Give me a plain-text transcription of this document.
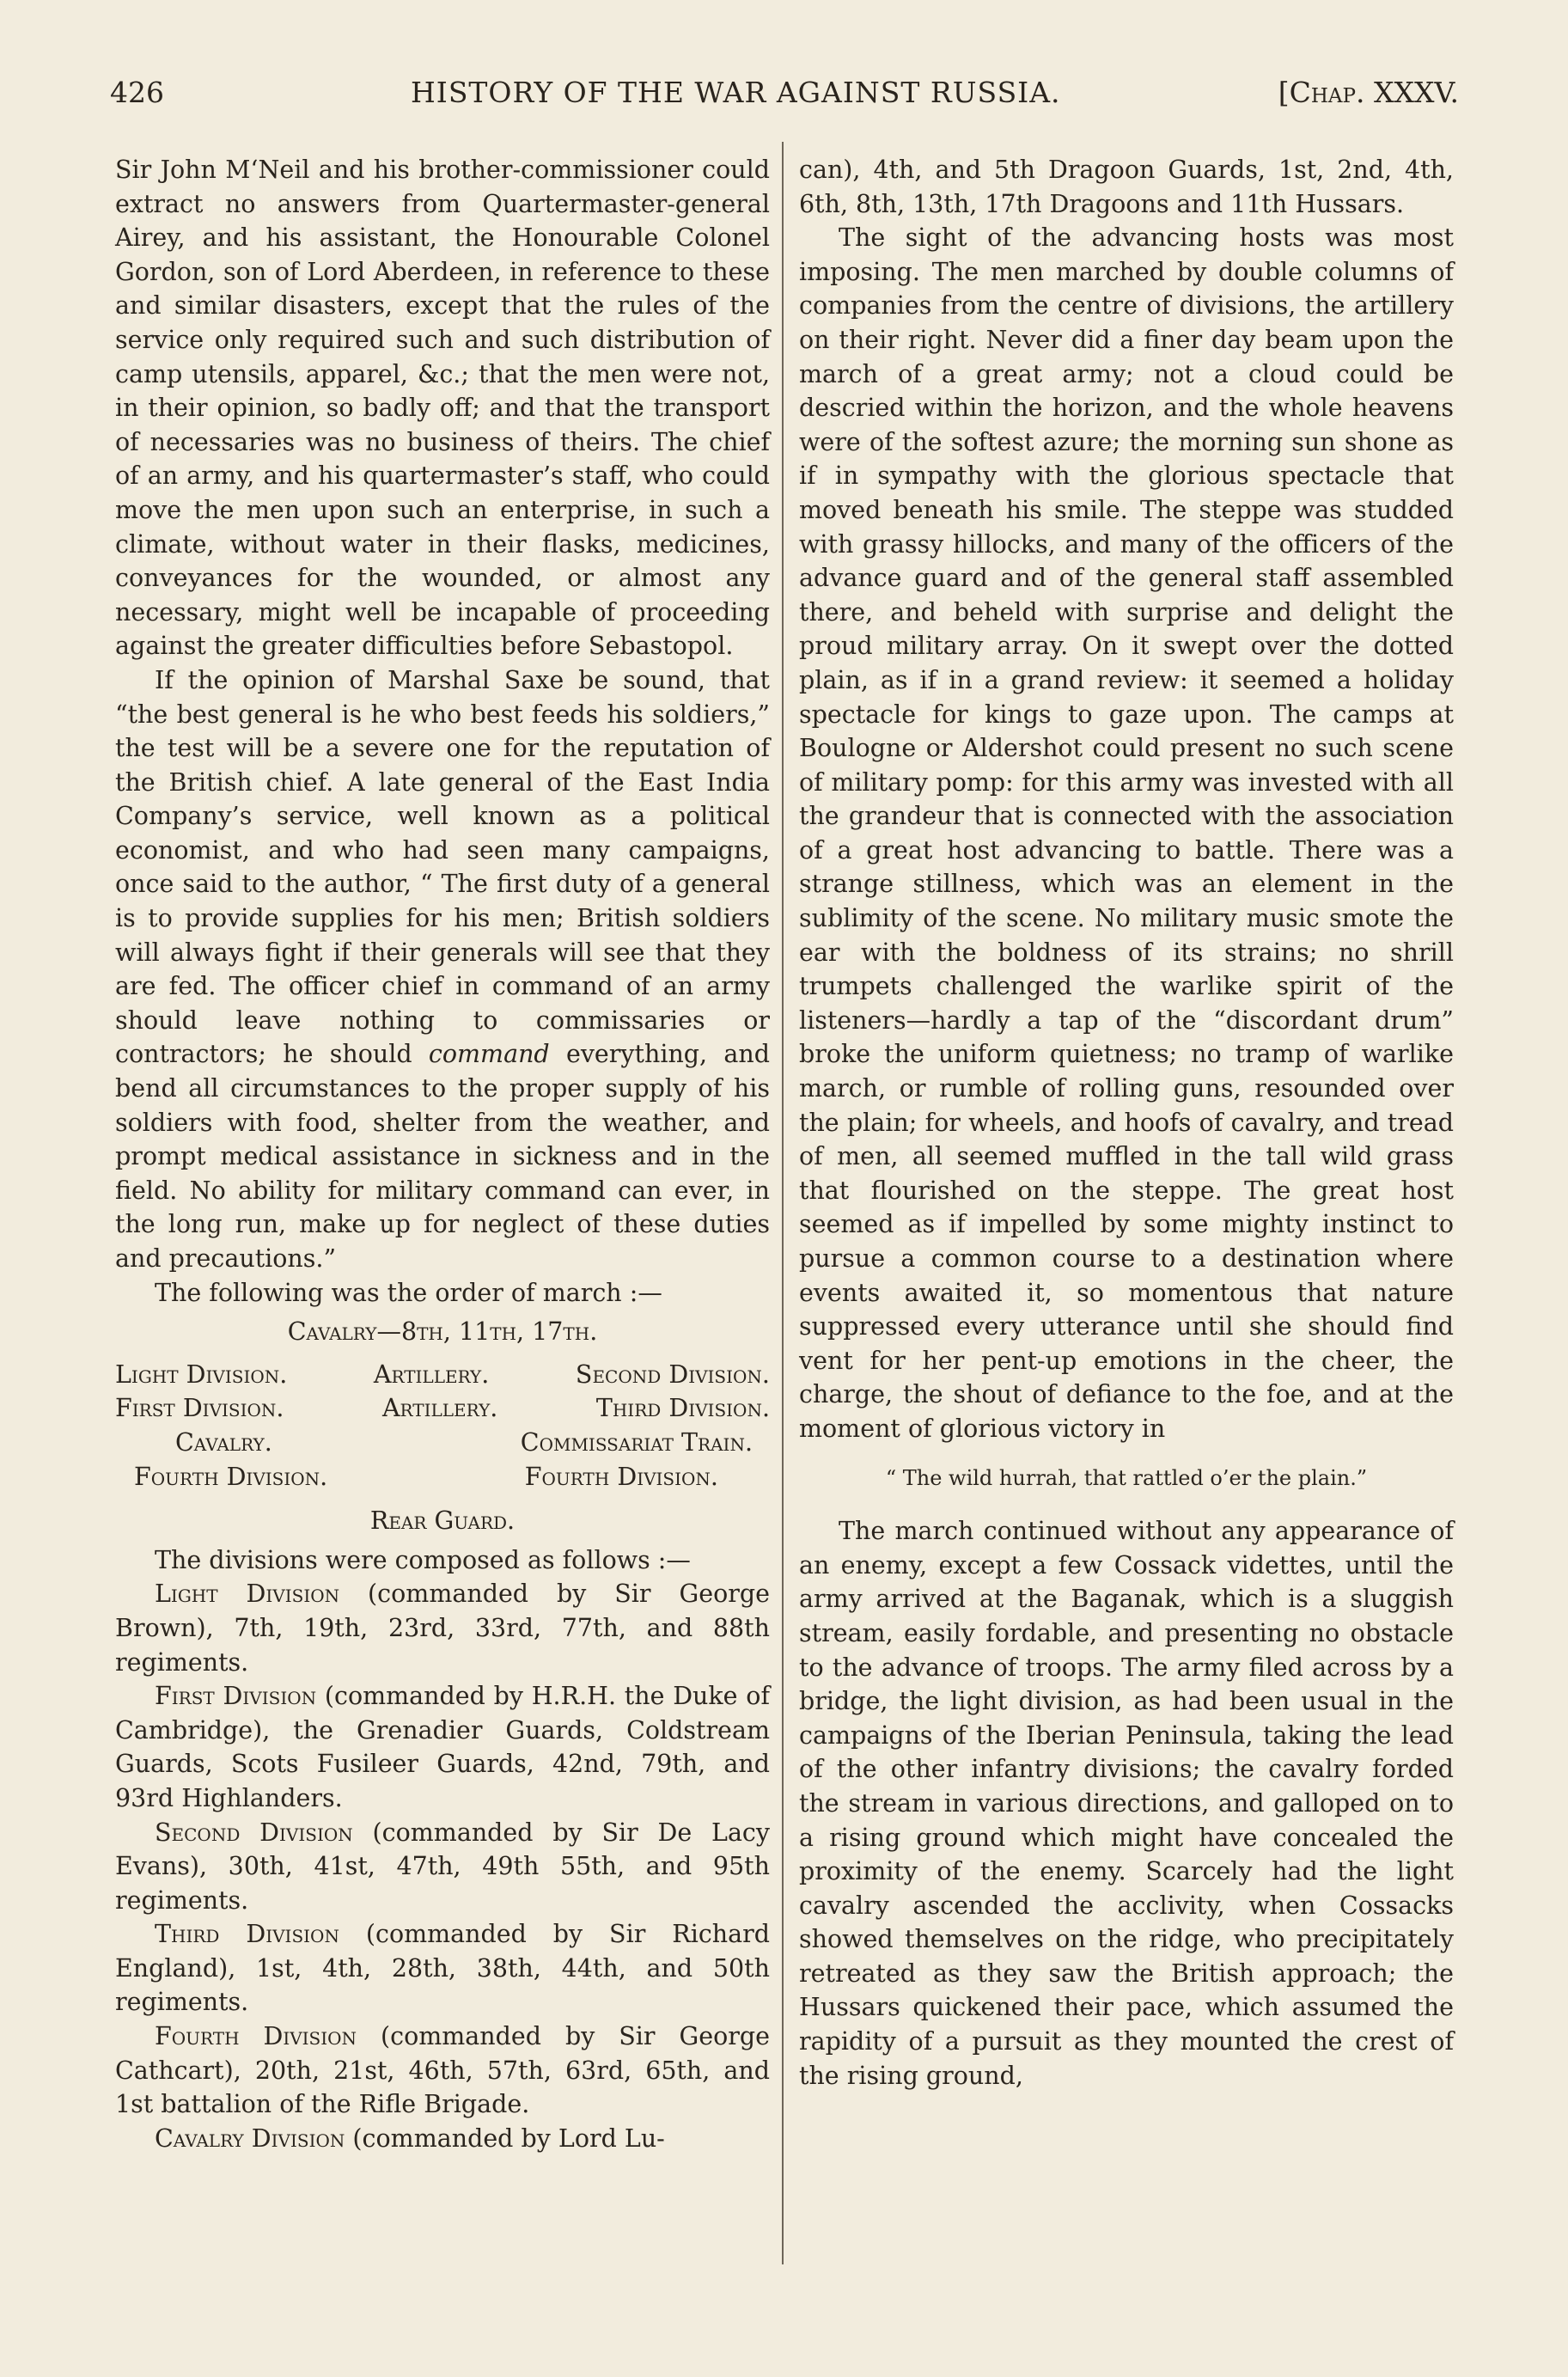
426	HISTORY OF THE WAR AGAINST RUSSIA.	[Chap. XXXV.

Sir John M‘Neil and his brother-commissioner could extract no answers from Quartermaster-general Airey, and his assistant, the Honourable Colonel Gordon, son of Lord Aberdeen, in reference to these and similar disasters, except that the rules of the service only required such and such distribution of camp utensils, apparel, &c.; that the men were not, in their opinion, so badly off; and that the transport of necessaries was no business of theirs. The chief of an army, and his quartermaster’s staff, who could move the men upon such an enterprise, in such a climate, without water in their flasks, medicines, conveyances for the wounded, or almost any necessary, might well be incapable of proceeding against the greater difficulties before Sebastopol.

If the opinion of Marshal Saxe be sound, that “the best general is he who best feeds his soldiers,” the test will be a severe one for the reputation of the British chief. A late general of the East India Company’s service, well known as a political economist, and who had seen many campaigns, once said to the author, “ The first duty of a general is to provide supplies for his men; British soldiers will always fight if their generals will see that they are fed. The officer chief in command of an army should leave nothing to commissaries or contractors; he should command everything, and bend all circumstances to the proper supply of his soldiers with food, shelter from the weather, and prompt medical assistance in sickness and in the field. No ability for military command can ever, in the long run, make up for neglect of these duties and precautions.”

The following was the order of march :—

Cavalry—8th, 11th, 17th.
Light Division.	Artillery.	Second Division.
First Division.	Artillery.	Third Division.
Cavalry.	Commissariat Train.
Fourth Division.	Fourth Division.
Rear Guard.

The divisions were composed as follows :—

Light Division (commanded by Sir George Brown), 7th, 19th, 23rd, 33rd, 77th, and 88th regiments.

First Division (commanded by H.R.H. the Duke of Cambridge), the Grenadier Guards, Coldstream Guards, Scots Fusileer Guards, 42nd, 79th, and 93rd Highlanders.

Second Division (commanded by Sir De Lacy Evans), 30th, 41st, 47th, 49th 55th, and 95th regiments.

Third Division (commanded by Sir Richard England), 1st, 4th, 28th, 38th, 44th, and 50th regiments.

Fourth Division (commanded by Sir George Cathcart), 20th, 21st, 46th, 57th, 63rd, 65th, and 1st battalion of the Rifle Brigade.

Cavalry Division (commanded by Lord Lu-

can), 4th, and 5th Dragoon Guards, 1st, 2nd, 4th, 6th, 8th, 13th, 17th Dragoons and 11th Hussars.

The sight of the advancing hosts was most imposing. The men marched by double columns of companies from the centre of divisions, the artillery on their right. Never did a finer day beam upon the march of a great army; not a cloud could be descried within the horizon, and the whole heavens were of the softest azure; the morning sun shone as if in sympathy with the glorious spectacle that moved beneath his smile. The steppe was studded with grassy hillocks, and many of the officers of the advance guard and of the general staff assembled there, and beheld with surprise and delight the proud military array. On it swept over the dotted plain, as if in a grand review: it seemed a holiday spectacle for kings to gaze upon. The camps at Boulogne or Aldershot could present no such scene of military pomp: for this army was invested with all the grandeur that is connected with the association of a great host advancing to battle. There was a strange stillness, which was an element in the sublimity of the scene. No military music smote the ear with the boldness of its strains; no shrill trumpets challenged the warlike spirit of the listeners—hardly a tap of the “discordant drum” broke the uniform quietness; no tramp of warlike march, or rumble of rolling guns, resounded over the plain; for wheels, and hoofs of cavalry, and tread of men, all seemed muffled in the tall wild grass that flourished on the steppe. The great host seemed as if impelled by some mighty instinct to pursue a common course to a destination where events awaited it, so momentous that nature suppressed every utterance until she should find vent for her pent-up emotions in the cheer, the charge, the shout of defiance to the foe, and at the moment of glorious victory in

“ The wild hurrah, that rattled o’er the plain.”

The march continued without any appearance of an enemy, except a few Cossack videttes, until the army arrived at the Baganak, which is a sluggish stream, easily fordable, and presenting no obstacle to the advance of troops. The army filed across by a bridge, the light division, as had been usual in the campaigns of the Iberian Peninsula, taking the lead of the other infantry divisions; the cavalry forded the stream in various directions, and galloped on to a rising ground which might have concealed the proximity of the enemy. Scarcely had the light cavalry ascended the acclivity, when Cossacks showed themselves on the ridge, who precipitately retreated as they saw the British approach; the Hussars quickened their pace, which assumed the rapidity of a pursuit as they mounted the crest of the rising ground,
